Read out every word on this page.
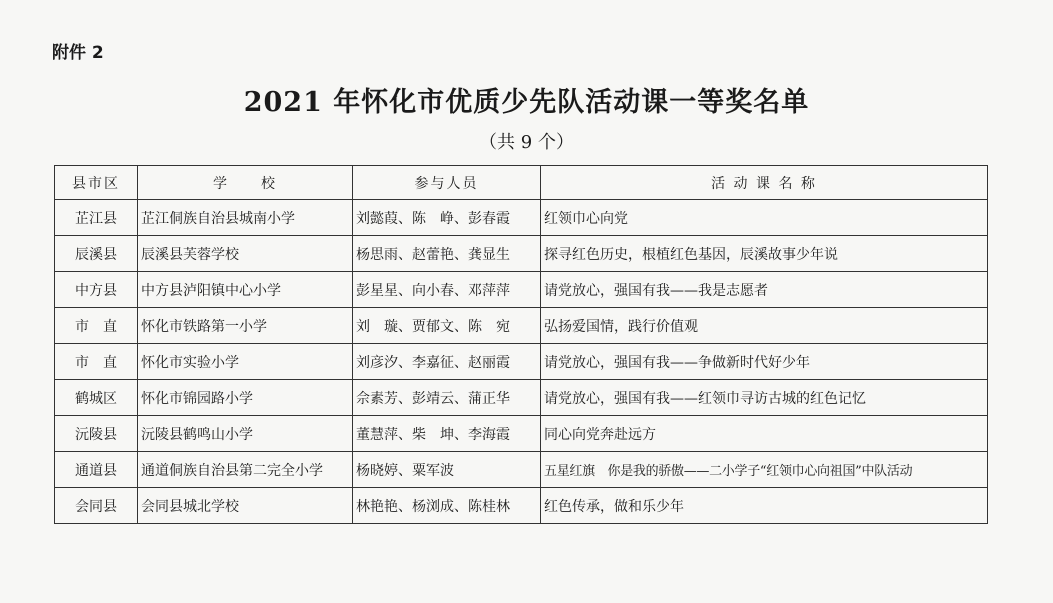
附件 2
2021 年怀化市优质少先队活动课一等奖名单
（共 9 个）
县市区	学　　校	参与人员	活 动 课 名 称
芷江县	芷江侗族自治县城南小学	刘懿葭、陈　峥、彭春霞	红领巾心向党
辰溪县	辰溪县芙蓉学校	杨思雨、赵蕾艳、龚显生	探寻红色历史，根植红色基因，辰溪故事少年说
中方县	中方县泸阳镇中心小学	彭星星、向小春、邓萍萍	请党放心，强国有我——我是志愿者
市　直	怀化市铁路第一小学	刘　璇、贾郁文、陈　宛	弘扬爱国情，践行价值观
市　直	怀化市实验小学	刘彦汐、李嘉征、赵丽霞	请党放心，强国有我——争做新时代好少年
鹤城区	怀化市锦园路小学	佘素芳、彭靖云、蒲正华	请党放心，强国有我——红领巾寻访古城的红色记忆
沅陵县	沅陵县鹤鸣山小学	董慧萍、柴　坤、李海霞	同心向党奔赴远方
通道县	通道侗族自治县第二完全小学	杨晓婷、粟军波	五星红旗　你是我的骄傲——二小学子“红领巾心向祖国”中队活动
会同县	会同县城北学校	林艳艳、杨浏成、陈桂林	红色传承，做和乐少年
